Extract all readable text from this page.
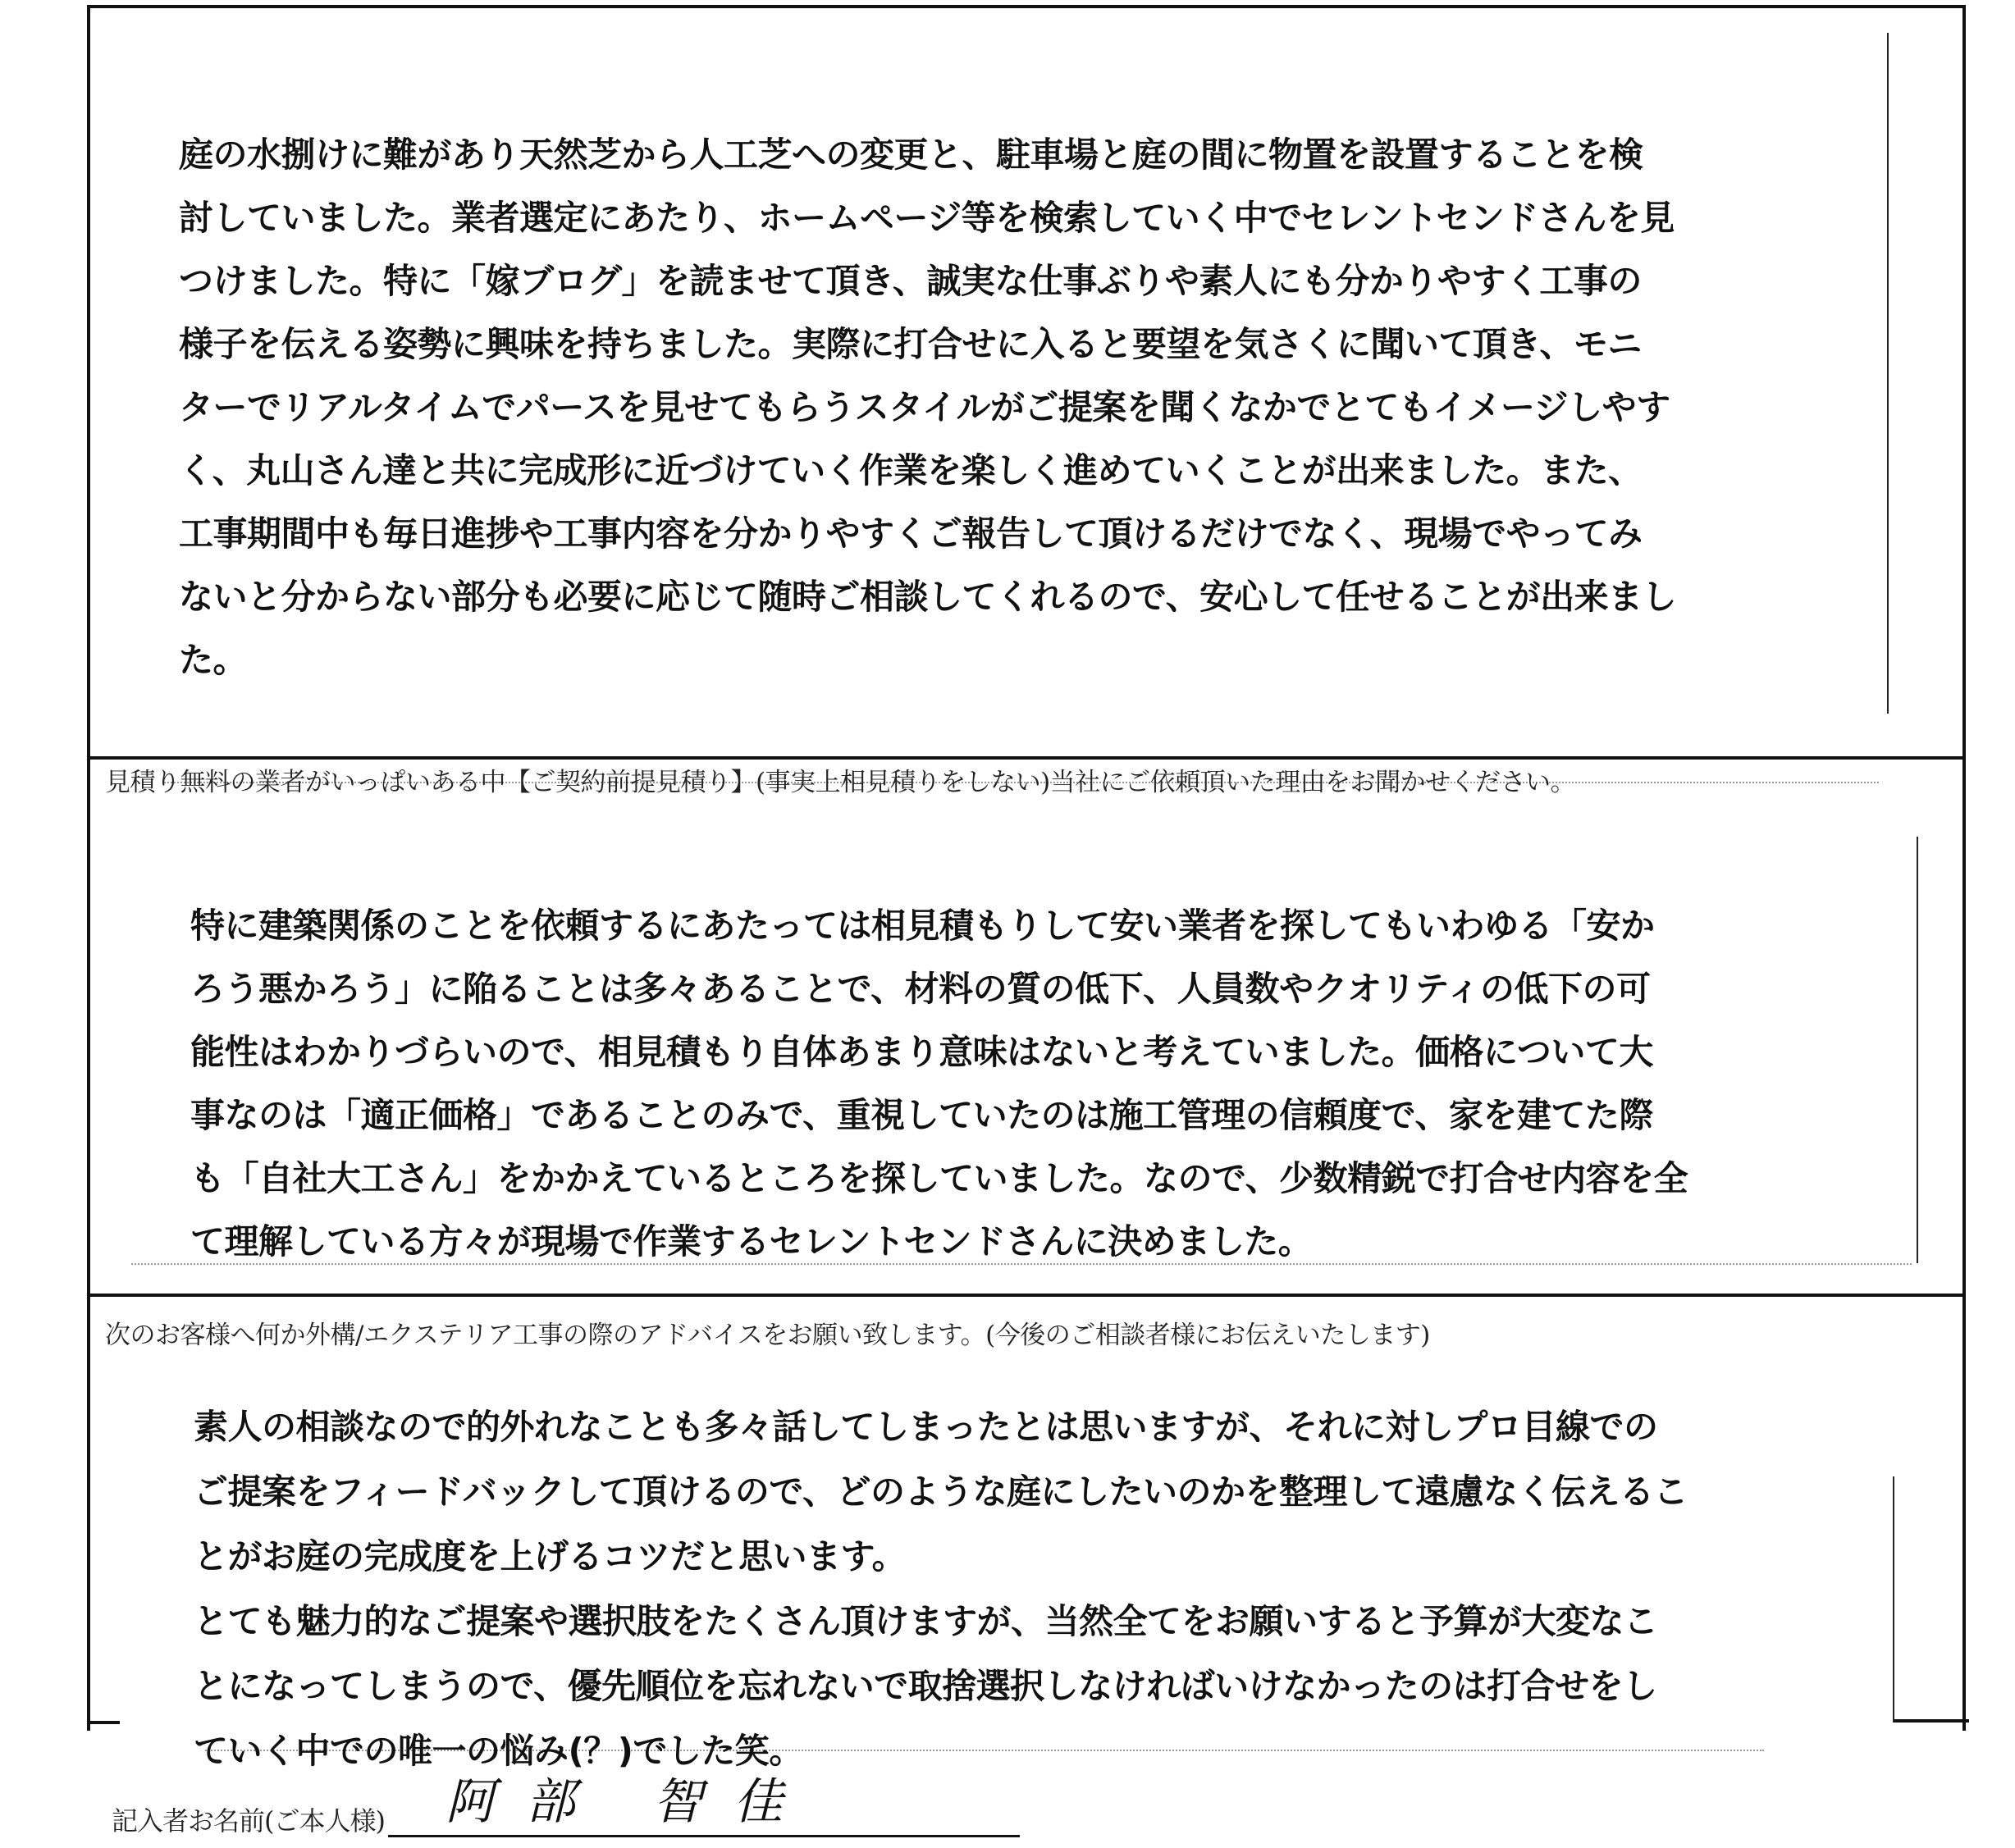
庭の水捌けに難があり天然芝から人工芝への変更と、駐車場と庭の間に物置を設置することを検
討していました。業者選定にあたり、ホームページ等を検索していく中でセレントセンドさんを見
つけました。特に「嫁ブログ」を読ませて頂き、誠実な仕事ぶりや素人にも分かりやすく工事の
様子を伝える姿勢に興味を持ちました。実際に打合せに入ると要望を気さくに聞いて頂き、モニ
ターでリアルタイムでパースを見せてもらうスタイルがご提案を聞くなかでとてもイメージしやす
く、丸山さん達と共に完成形に近づけていく作業を楽しく進めていくことが出来ました。また、
工事期間中も毎日進捗や工事内容を分かりやすくご報告して頂けるだけでなく、現場でやってみ
ないと分からない部分も必要に応じて随時ご相談してくれるので、安心して任せることが出来まし
た。
見積り無料の業者がいっぱいある中【ご契約前提見積り】(事実上相見積りをしない)当社にご依頼頂いた理由をお聞かせください。
特に建築関係のことを依頼するにあたっては相見積もりして安い業者を探してもいわゆる「安か
ろう悪かろう」に陥ることは多々あることで、材料の質の低下、人員数やクオリティの低下の可
能性はわかりづらいので、相見積もり自体あまり意味はないと考えていました。価格について大
事なのは「適正価格」であることのみで、重視していたのは施工管理の信頼度で、家を建てた際
も「自社大工さん」をかかえているところを探していました。なので、少数精鋭で打合せ内容を全
て理解している方々が現場で作業するセレントセンドさんに決めました。
次のお客様へ何か外構/エクステリア工事の際のアドバイスをお願い致します。(今後のご相談者様にお伝えいたします)
素人の相談なので的外れなことも多々話してしまったとは思いますが、それに対しプロ目線での
ご提案をフィードバックして頂けるので、どのような庭にしたいのかを整理して遠慮なく伝えるこ
とがお庭の完成度を上げるコツだと思います。
とても魅力的なご提案や選択肢をたくさん頂けますが、当然全てをお願いすると予算が大変なこ
とになってしまうので、優先順位を忘れないで取捨選択しなければいけなかったのは打合せをし
ていく中での唯一の悩み(？)でした笑。
記入者お名前(ご本人様) 阿部 智佳
